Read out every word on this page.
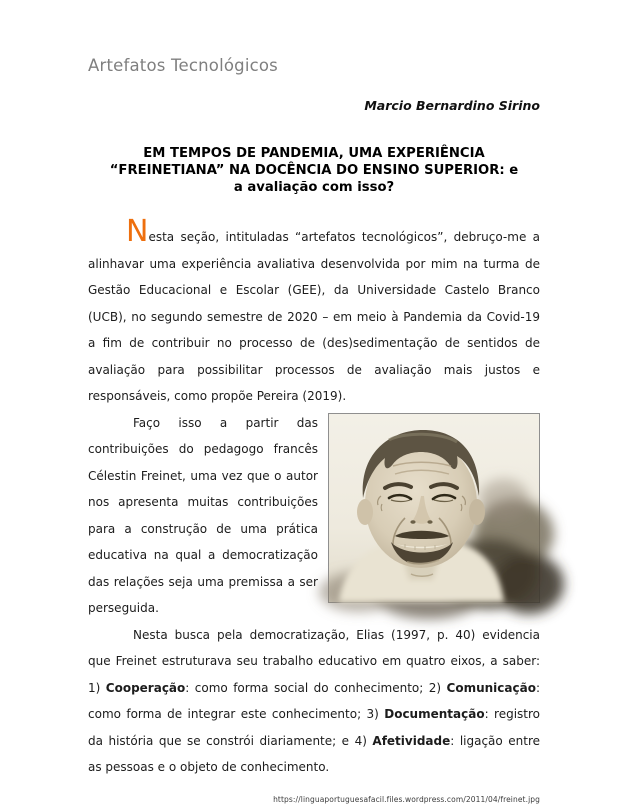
Artefatos Tecnológicos
Marcio Bernardino Sirino
EM TEMPOS DE PANDEMIA, UMA EXPERIÊNCIA
“FREINETIANA” NA DOCÊNCIA DO ENSINO SUPERIOR: e
a avaliação com isso?

Nesta seção, intituladas “artefatos tecnológicos”, debruço-me a alinhavar uma experiência avaliativa desenvolvida por mim na turma de Gestão Educacional e Escolar (GEE), da Universidade Castelo Branco (UCB), no segundo semestre de 2020 – em meio à Pandemia da Covid-19 a fim de contribuir no processo de (des)sedimentação de sentidos de avaliação para possibilitar processos de avaliação mais justos e responsáveis, como propõe Pereira (2019).

Faço isso a partir das contribuições do pedagogo francês Célestin Freinet, uma vez que o autor nos apresenta muitas contribuições para a construção de uma prática educativa na qual a democratização das relações seja uma premissa a ser perseguida.

Nesta busca pela democratização, Elias (1997, p. 40) evidencia que Freinet estruturava seu trabalho educativo em quatro eixos, a saber: 1) Cooperação: como forma social do conhecimento; 2) Comunicação: como forma de integrar este conhecimento; 3) Documentação: registro da história que se constrói diariamente; e 4) Afetividade: ligação entre as pessoas e o objeto de conhecimento.

https://linguaportuguesafacil.files.wordpress.com/2011/04/freinet.jpg
